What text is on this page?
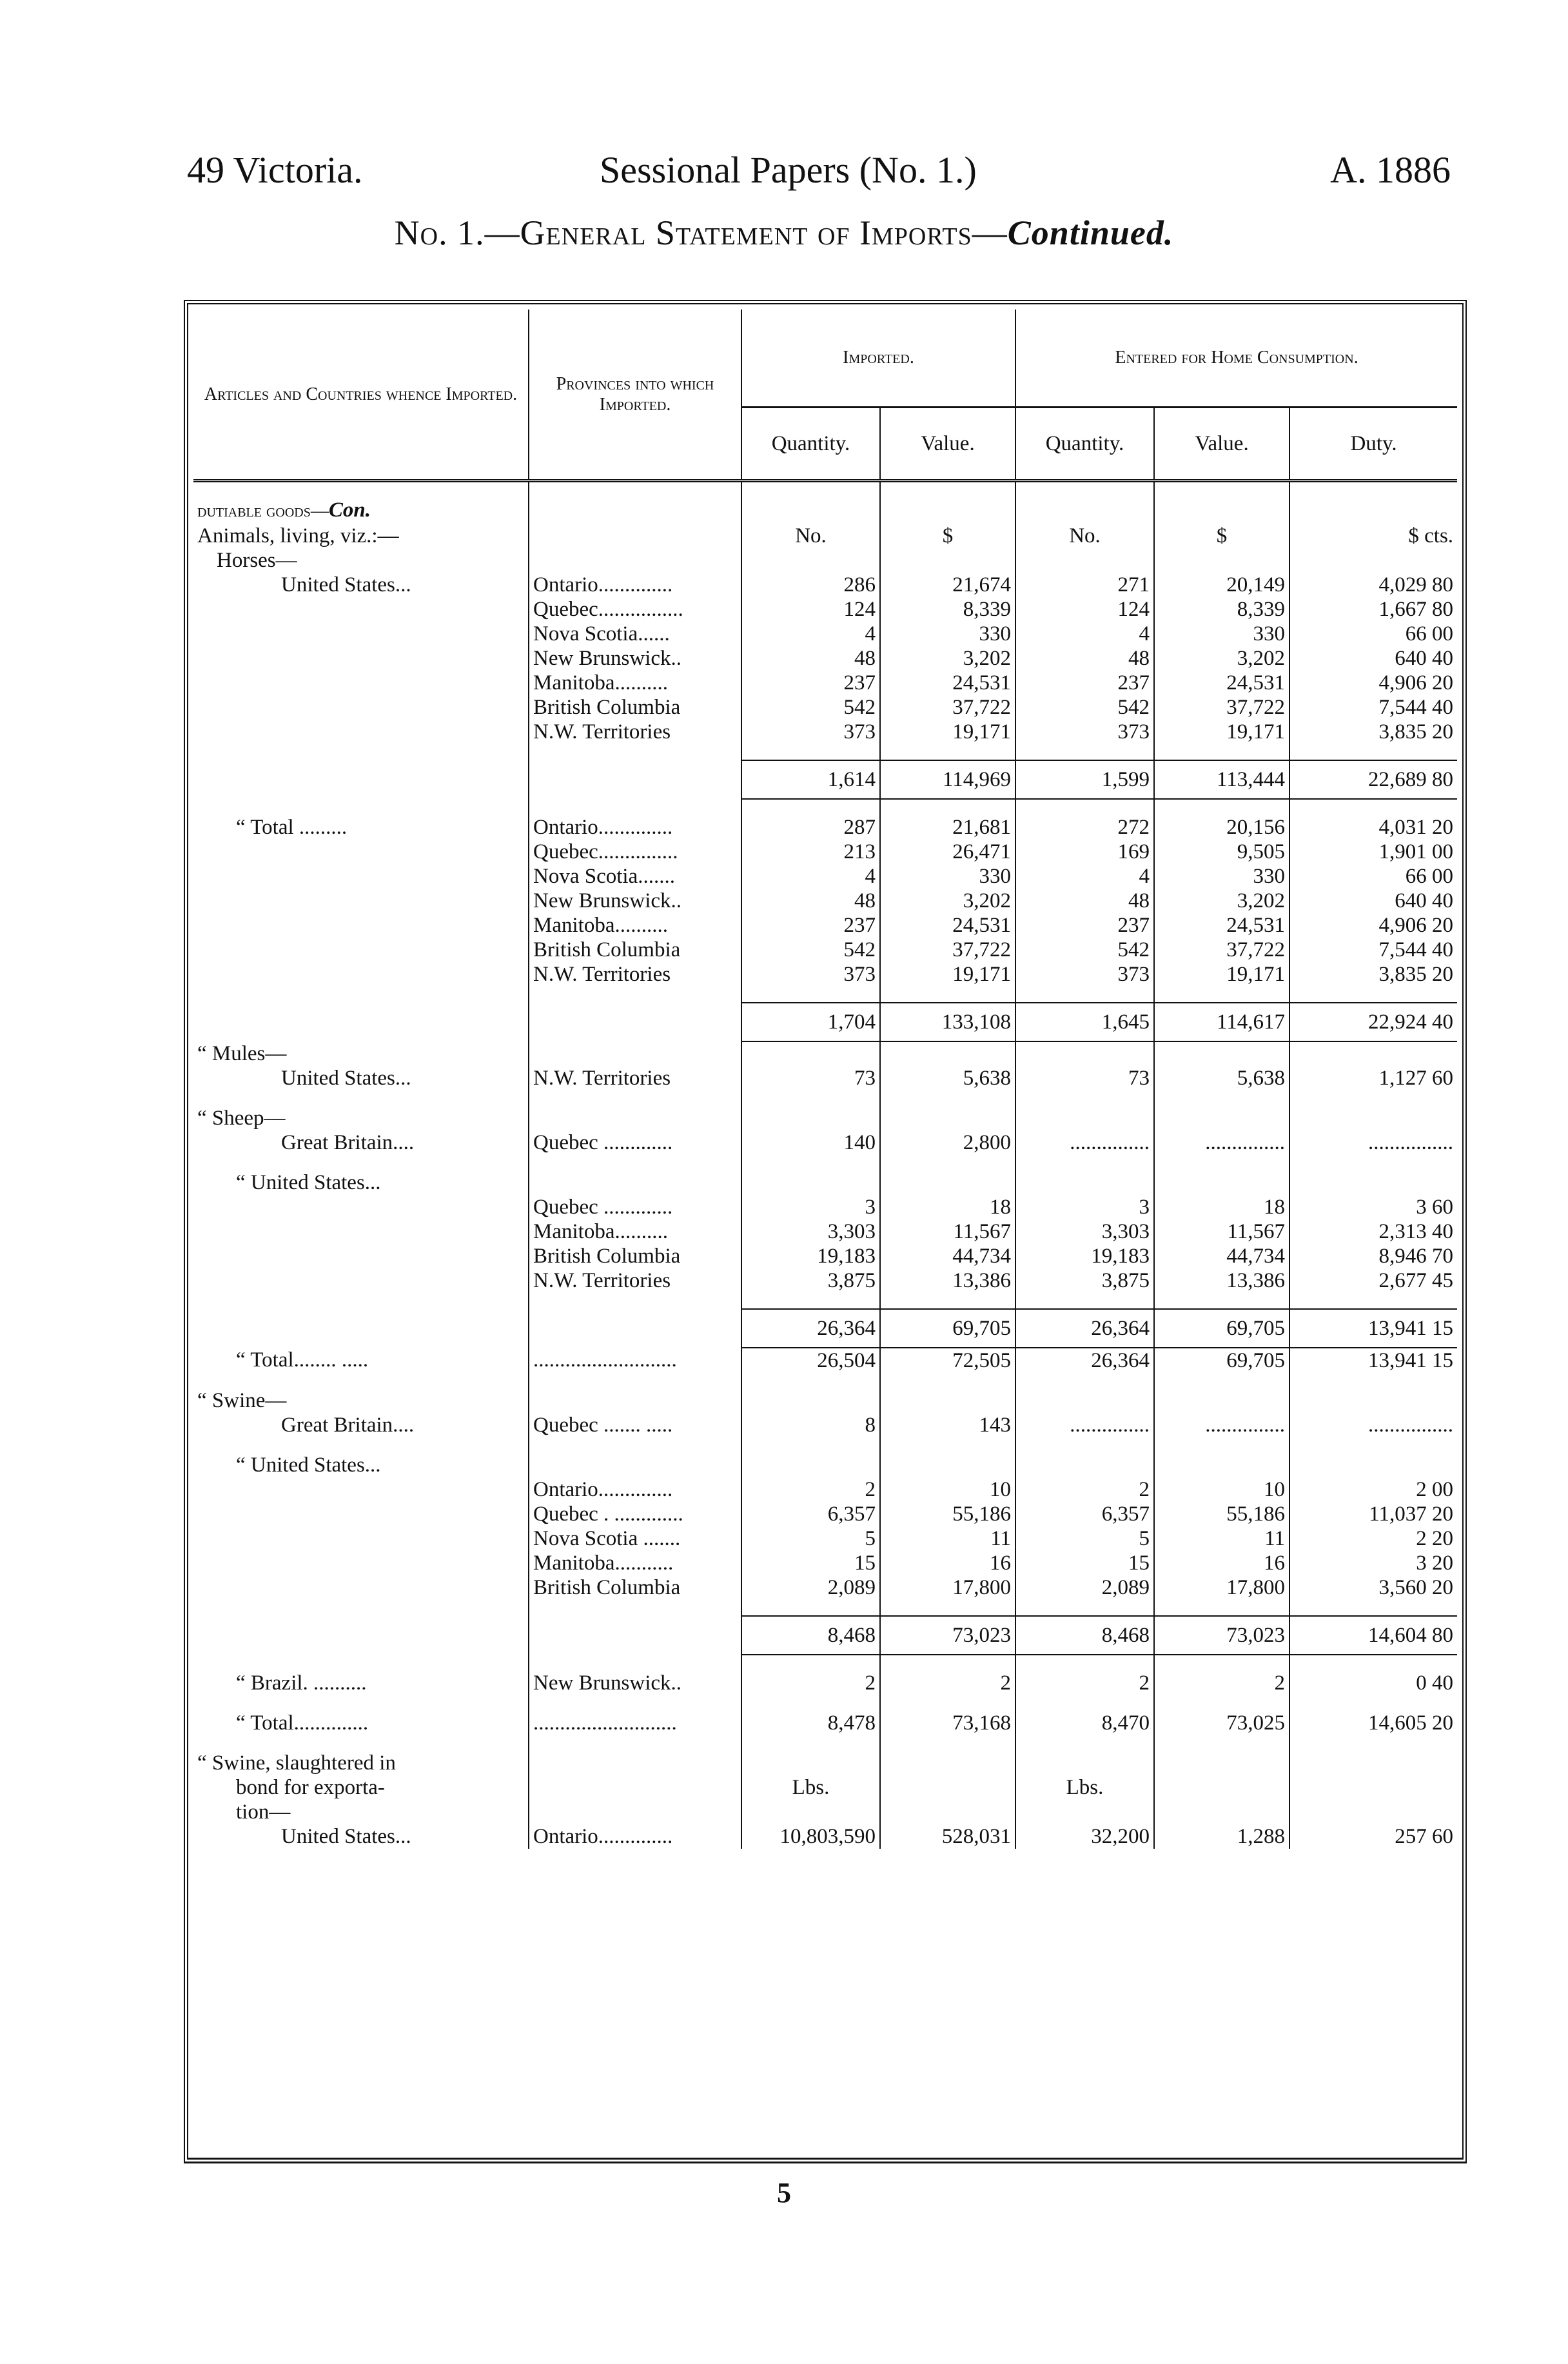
49 Victoria.	Sessional Papers (No. 1.)	A. 1886
No. 1.—General Statement of Imports—Continued.
Articles and Countries whence Imported.	Provinces into which Imported.	Imported.		Entered for Home Consumption.		
		Quantity.	Value.	Quantity.	Value.	Duty.

dutiable goods—Con.						
Animals, living, viz.:—		No.	$	No.	$	$ cts.

Horses—						

United States...	Ontario..............	286	21,674	271	20,149	4,029 80
	Quebec................	124	8,339	124	8,339	1,667 80
	Nova Scotia......	4	330	4	330	66 00
	New Brunswick..	48	3,202	48	3,202	640 40
	Manitoba..........	237	24,531	237	24,531	4,906 20
	British Columbia	542	37,722	542	37,722	7,544 40
	N.W. Territories	373	19,171	373	19,171	3,835 20

		1,614	114,969	1,599	113,444	22,689 80

“ Total .........	Ontario..............	287	21,681	272	20,156	4,031 20
	Quebec...............	213	26,471	169	9,505	1,901 00
	Nova Scotia.......	4	330	4	330	66 00
	New Brunswick..	48	3,202	48	3,202	640 40
	Manitoba..........	237	24,531	237	24,531	4,906 20
	British Columbia	542	37,722	542	37,722	7,544 40
	N.W. Territories	373	19,171	373	19,171	3,835 20

		1,704	133,108	1,645	114,617	22,924 40
“ Mules—						

United States...	N.W. Territories	73	5,638	73	5,638	1,127 60

“ Sheep—						

Great Britain....	Quebec .............	140	2,800	...............	...............	................

“ United States...						

	Quebec .............	3	18	3	18	3 60
	Manitoba..........	3,303	11,567	3,303	11,567	2,313 40
	British Columbia	19,183	44,734	19,183	44,734	8,946 70
	N.W. Territories	3,875	13,386	3,875	13,386	2,677 45

		26,364	69,705	26,364	69,705	13,941 15

“ Total........ .....	...........................	26,504	72,505	26,364	69,705	13,941 15

“ Swine—						

Great Britain....	Quebec ....... .....	8	143	...............	...............	................

“ United States...						

	Ontario..............	2	10	2	10	2 00
	Quebec . .............	6,357	55,186	6,357	55,186	11,037 20
	Nova Scotia .......	5	11	5	11	2 20
	Manitoba...........	15	16	15	16	3 20
	British Columbia	2,089	17,800	2,089	17,800	3,560 20

		8,468	73,023	8,468	73,023	14,604 80

“ Brazil. ..........	New Brunswick..	2	2	2	2	0 40

“ Total..............	...........................	8,478	73,168	8,470	73,025	14,605 20

“ Swine, slaughtered in						

bond for exporta-		Lbs.		Lbs.		

tion—						

United States...	Ontario..............	10,803,590	528,031	32,200	1,288	257 60
5
